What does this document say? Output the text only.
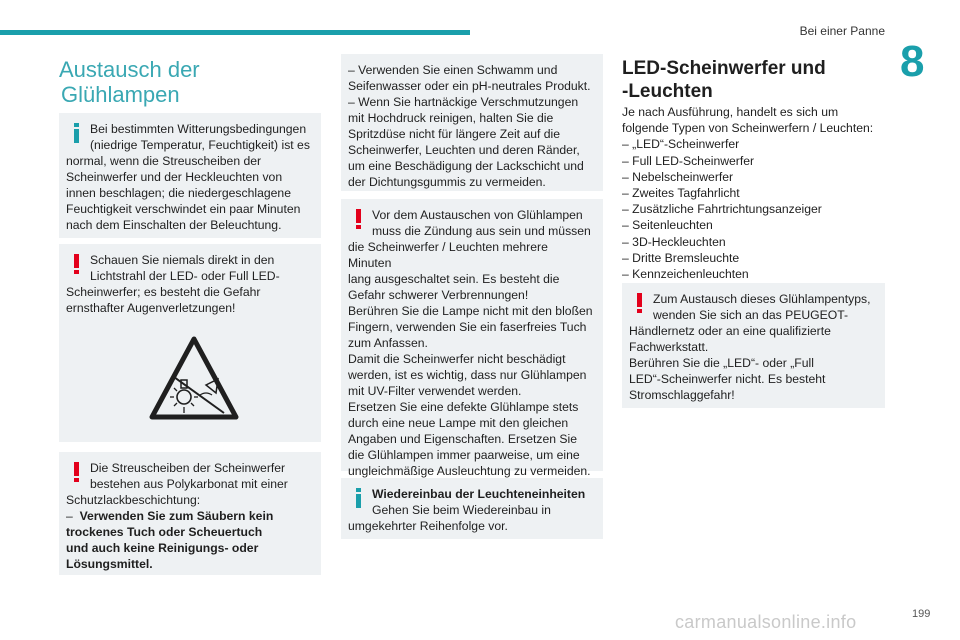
Bei einer Panne
8
Austausch der
Glühlampen
Bei bestimmten Witterungsbedingungen
(niedrige Temperatur, Feuchtigkeit) ist es
normal, wenn die Streuscheiben der
Scheinwerfer und der Heckleuchten von
innen beschlagen; die niedergeschlagene
Feuchtigkeit verschwindet ein paar Minuten
nach dem Einschalten der Beleuchtung.
Schauen Sie niemals direkt in den
Lichtstrahl der LED- oder Full LED-
Scheinwerfer; es besteht die Gefahr
ernsthafter Augenverletzungen!
Die Streuscheiben der Scheinwerfer
bestehen aus Polykarbonat mit einer
Schutzlackbeschichtung:
– Verwenden Sie zum Säubern kein
trockenes Tuch oder Scheuertuch
und auch keine Reinigungs- oder
Lösungsmittel.
– Verwenden Sie einen Schwamm und
Seifenwasser oder ein pH-neutrales Produkt.
– Wenn Sie hartnäckige Verschmutzungen
mit Hochdruck reinigen, halten Sie die
Spritzdüse nicht für längere Zeit auf die
Scheinwerfer, Leuchten und deren Ränder,
um eine Beschädigung der Lackschicht und
der Dichtungsgummis zu vermeiden.
Vor dem Austauschen von Glühlampen
muss die Zündung aus sein und müssen
die Scheinwerfer / Leuchten mehrere Minuten
lang ausgeschaltet sein. Es besteht die
Gefahr schwerer Verbrennungen!
Berühren Sie die Lampe nicht mit den bloßen
Fingern, verwenden Sie ein faserfreies Tuch
zum Anfassen.
Damit die Scheinwerfer nicht beschädigt
werden, ist es wichtig, dass nur Glühlampen
mit UV-Filter verwendet werden.
Ersetzen Sie eine defekte Glühlampe stets
durch eine neue Lampe mit den gleichen
Angaben und Eigenschaften. Ersetzen Sie
die Glühlampen immer paarweise, um eine
ungleichmäßige Ausleuchtung zu vermeiden.
Wiedereinbau der Leuchteneinheiten
Gehen Sie beim Wiedereinbau in
umgekehrter Reihenfolge vor.
LED-Scheinwerfer und
-Leuchten
Je nach Ausführung, handelt es sich um
folgende Typen von Scheinwerfern / Leuchten:
– „LED“-Scheinwerfer
– Full LED-Scheinwerfer
– Nebelscheinwerfer
– Zweites Tagfahrlicht
– Zusätzliche Fahrtrichtungsanzeiger
– Seitenleuchten
– 3D-Heckleuchten
– Dritte Bremsleuchte
– Kennzeichenleuchten
Zum Austausch dieses Glühlampentyps,
wenden Sie sich an das PEUGEOT-
Händlernetz oder an eine qualifizierte
Fachwerkstatt.
Berühren Sie die „LED“- oder „Full
LED“-Scheinwerfer nicht. Es besteht
Stromschlaggefahr!
carmanualsonline.info	199
